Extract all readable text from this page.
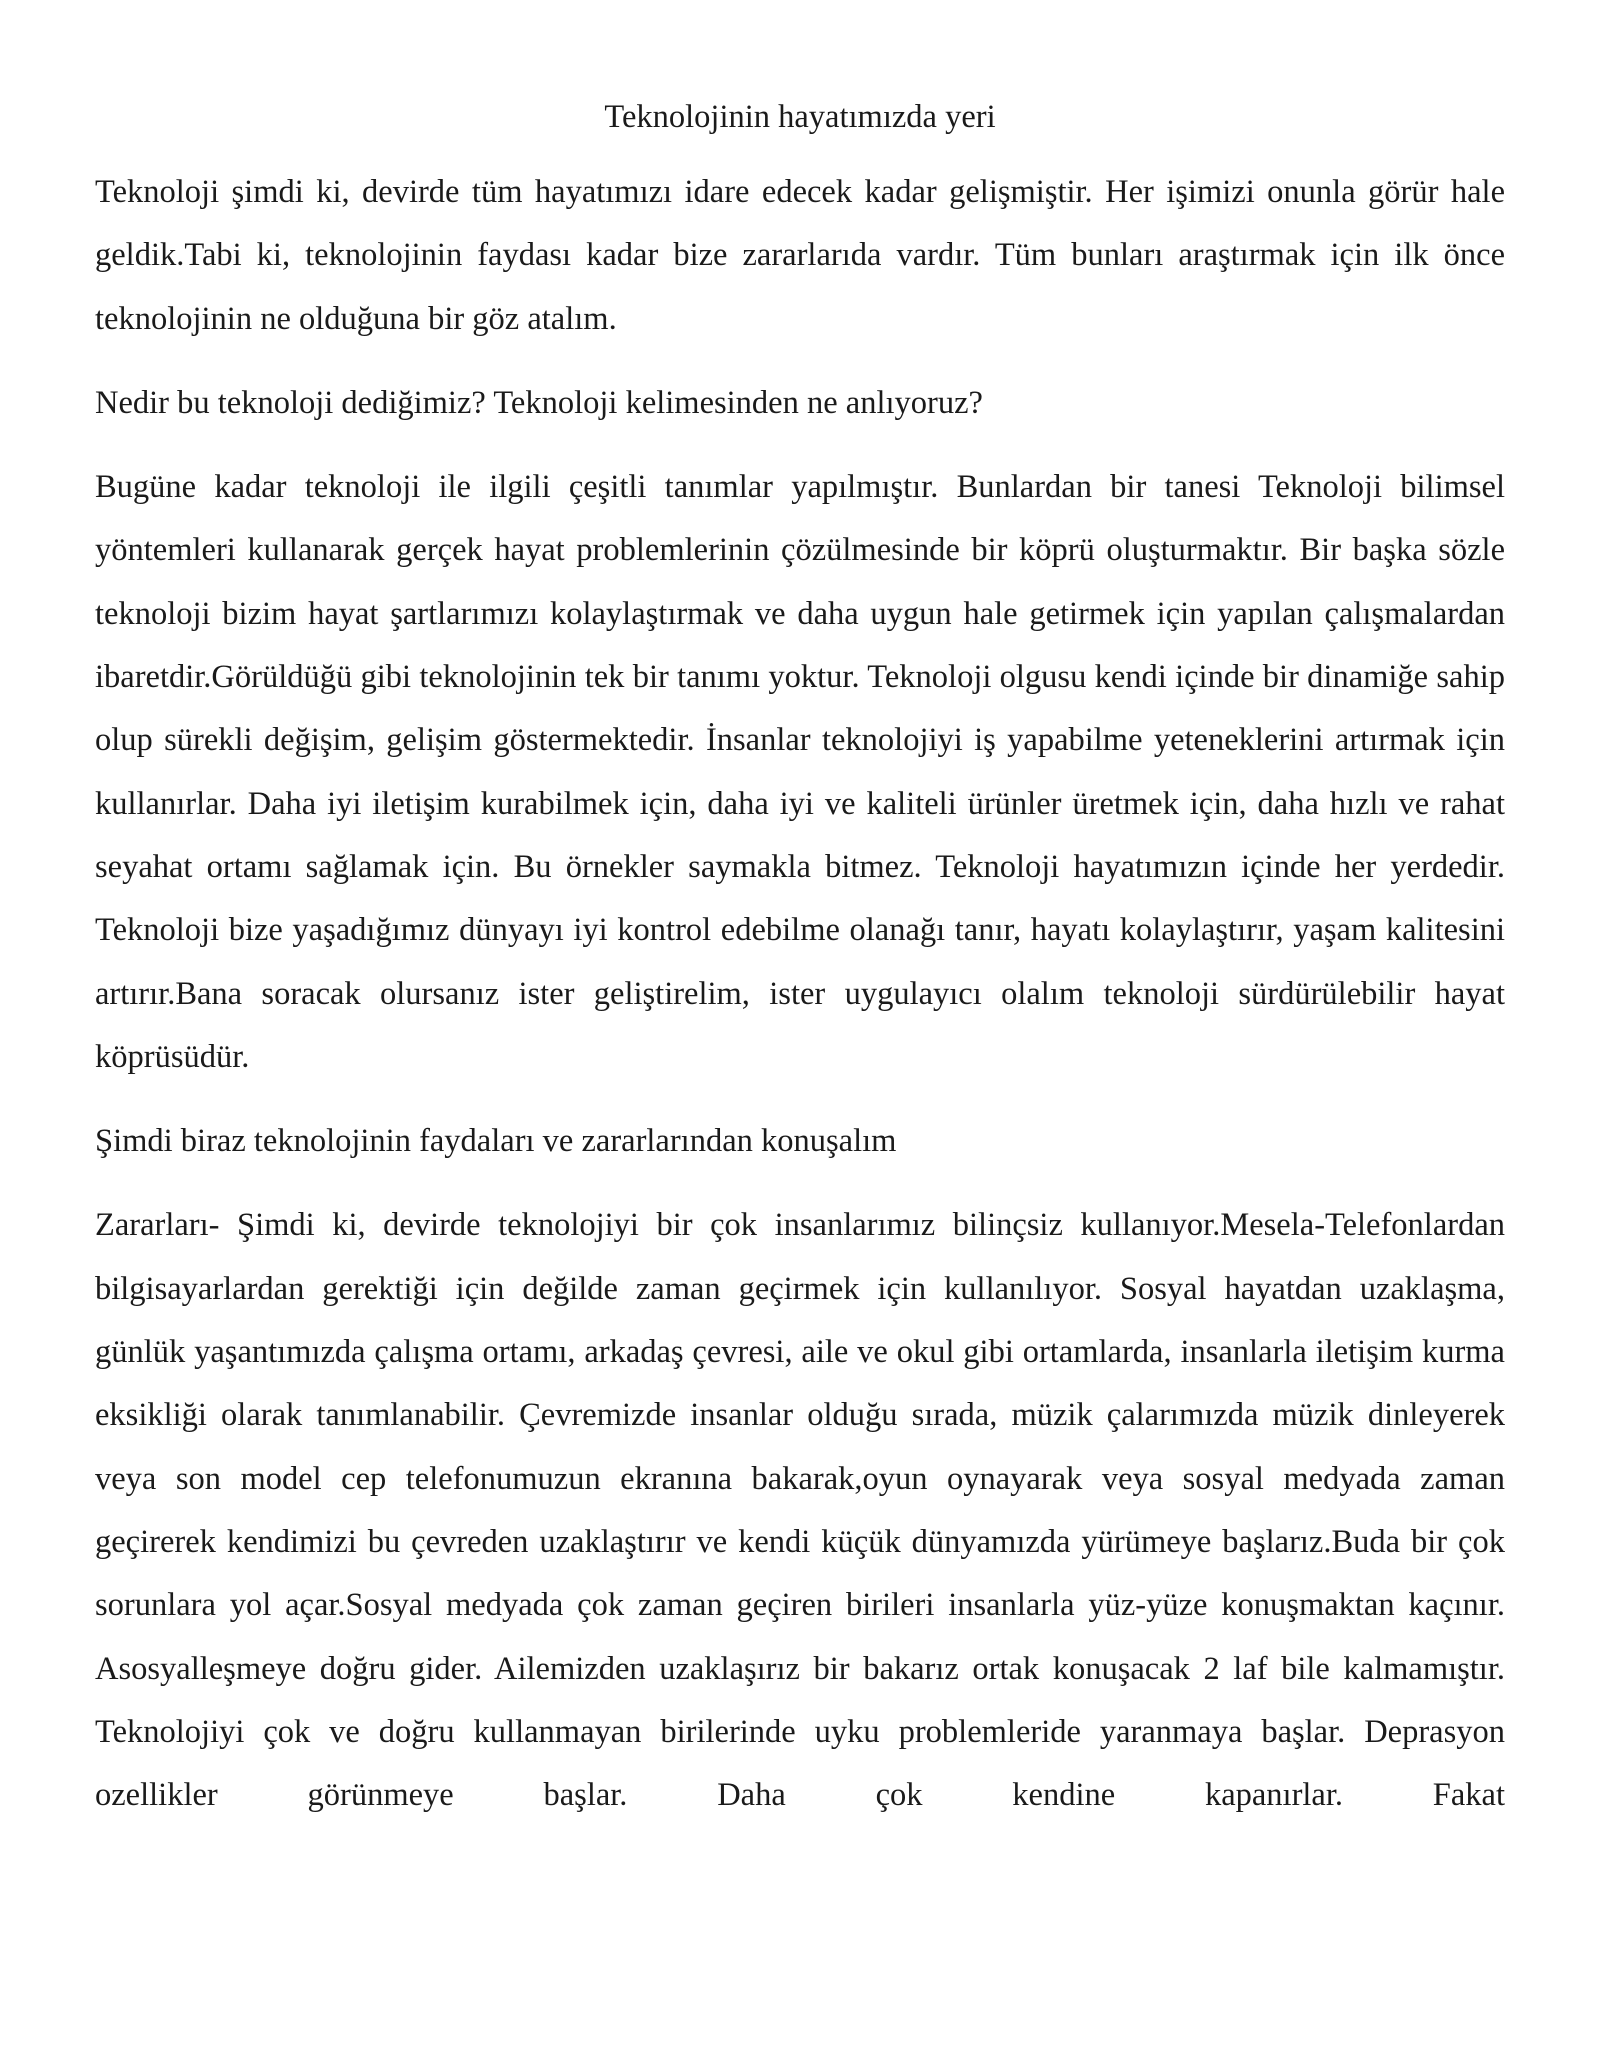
Teknolojinin hayatımızda yeri

Teknoloji şimdi ki, devirde tüm hayatımızı idare edecek kadar gelişmiştir. Her işimizi onunla görür hale geldik.Tabi ki, teknolojinin faydası kadar bize zararlarıda vardır. Tüm bunları araştırmak için ilk önce teknolojinin ne olduğuna bir göz atalım.

Nedir bu teknoloji dediğimiz? Teknoloji kelimesinden ne anlıyoruz?

Bugüne kadar teknoloji ile ilgili çeşitli tanımlar yapılmıştır. Bunlardan bir tanesi Teknoloji bilimsel yöntemleri kullanarak gerçek hayat problemlerinin çözülmesinde bir köprü oluşturmaktır. Bir başka sözle teknoloji bizim hayat şartlarımızı kolaylaştırmak ve daha uygun hale getirmek için yapılan çalışmalardan ibaretdir.Görüldüğü gibi teknolojinin tek bir tanımı yoktur. Teknoloji olgusu kendi içinde bir dinamiğe sahip olup sürekli değişim, gelişim göstermektedir. İnsanlar teknolojiyi iş yapabilme yeteneklerini artırmak için kullanırlar. Daha iyi iletişim kurabilmek için, daha iyi ve kaliteli ürünler üretmek için, daha hızlı ve rahat seyahat ortamı sağlamak için. Bu örnekler saymakla bitmez. Teknoloji hayatımızın içinde her yerdedir. Teknoloji bize yaşadığımız dünyayı iyi kontrol edebilme olanağı tanır, hayatı kolaylaştırır, yaşam kalitesini artırır.Bana soracak olursanız ister geliştirelim, ister uygulayıcı olalım teknoloji sürdürülebilir hayat köprüsüdür.

Şimdi biraz teknolojinin faydaları ve zararlarından konuşalım

Zararları- Şimdi ki, devirde teknolojiyi bir çok insanlarımız bilinçsiz kullanıyor.Mesela-Telefonlardan bilgisayarlardan gerektiği için değilde zaman geçirmek için kullanılıyor. Sosyal hayatdan uzaklaşma, günlük yaşantımızda çalışma ortamı, arkadaş çevresi, aile ve okul gibi ortamlarda, insanlarla iletişim kurma eksikliği olarak tanımlanabilir. Çevremizde insanlar olduğu sırada, müzik çalarımızda müzik dinleyerek veya son model cep telefonumuzun ekranına bakarak,oyun oynayarak veya sosyal medyada zaman geçirerek kendimizi bu çevreden uzaklaştırır ve kendi küçük dünyamızda yürümeye başlarız.Buda bir çok sorunlara yol açar.Sosyal medyada çok zaman geçiren birileri insanlarla yüz-yüze konuşmaktan kaçınır. Asosyalleşmeye doğru gider. Ailemizden uzaklaşırız bir bakarız ortak konuşacak 2 laf bile kalmamıştır. Teknolojiyi çok ve doğru kullanmayan birilerinde uyku problemleride yaranmaya başlar. Deprasyon ozellikler görünmeye başlar. Daha çok kendine kapanırlar. Fakat
